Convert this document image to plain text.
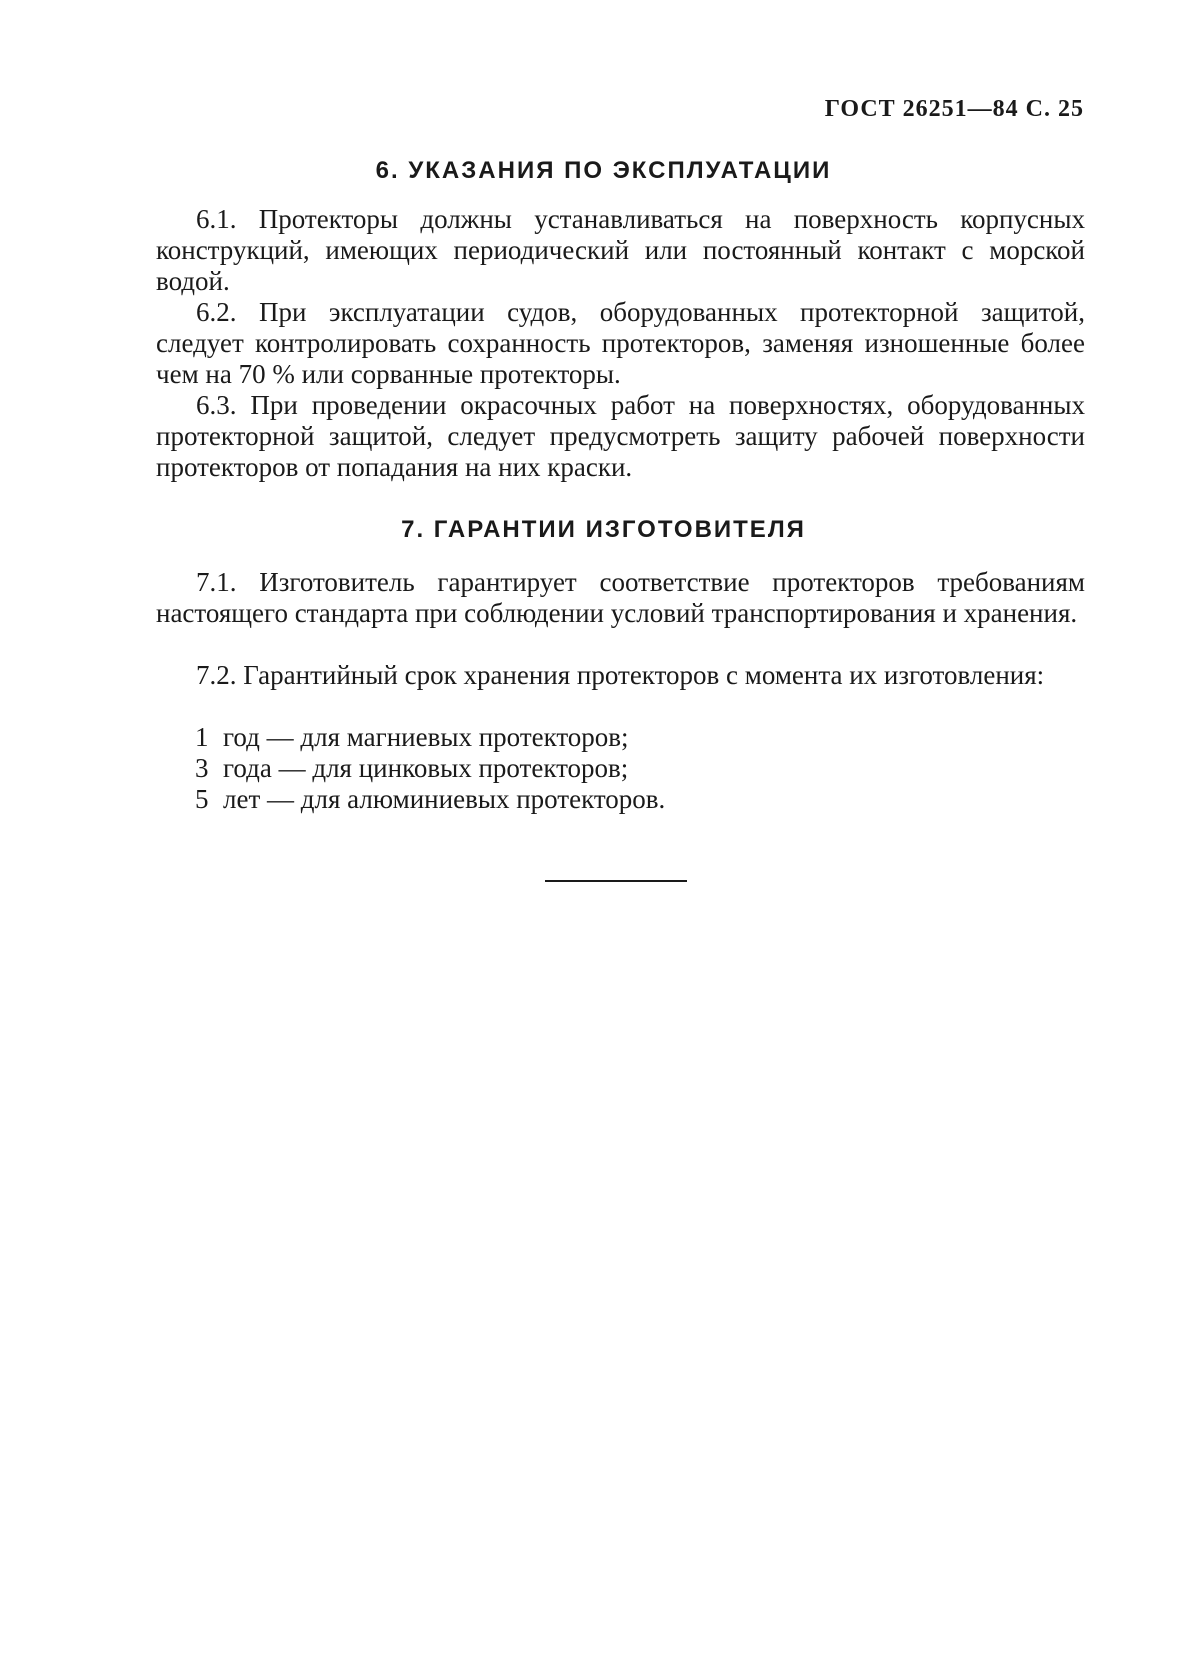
ГОСТ 26251—84 С. 25
6. УКАЗАНИЯ ПО ЭКСПЛУАТАЦИИ

6.1. Протекторы должны устанавливаться на поверхность корпусных конструкций, имеющих периодический или постоянный контакт с морской водой.

6.2. При эксплуатации судов, оборудованных протекторной защитой, следует контролировать сохранность протекторов, заменяя изношенные более чем на 70 % или сорванные протекторы.

6.3. При проведении окрасочных работ на поверхностях, оборудованных протекторной защитой, следует предусмотреть защиту рабочей поверхности протекторов от попадания на них краски.

7. ГАРАНТИИ ИЗГОТОВИТЕЛЯ

7.1. Изготовитель гарантирует соответствие протекторов требованиям настоящего стандарта при соблюдении условий транспортирования и хранения.

7.2. Гарантийный срок хранения протекторов с момента их изготовления:

1 год — для магниевых протекторов;
3 года — для цинковых протекторов;
5 лет — для алюминиевых протекторов.
